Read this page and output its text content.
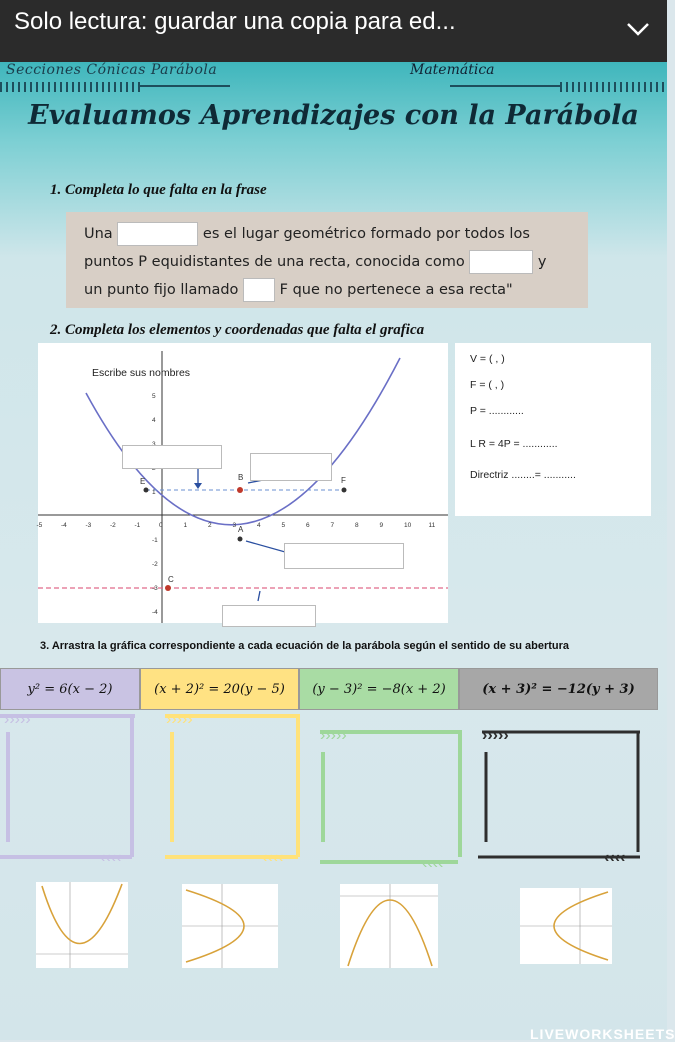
Solo lectura: guardar una copia para ed...
Secciones Cónicas Parábola	Matemática
Evaluamos Aprendizajes con la Parábola
1. Completa lo que falta en la frase
Una	es el lugar geométrico formado por todos los
puntos P equidistantes de una recta, conocida como	y
un punto fijo llamado	F que no pertenece a esa recta"
2. Completa los elementos y coordenadas que falta el grafica
E	B	F
A
C
-5	-4	-3	-2	-1	0	1	2	3	4	5	6	7	8	9	10	11
5
4
1
-1
-2
-3
-4
Escribe sus nombres
V = ( , )
F = ( , )
P = ............
L R = 4P = ............
Directriz ........= ...........
3. Arrastra la gráfica correspondiente a cada ecuación de la parábola según el sentido de su abertura
y² = 6(x − 2)	(x + 2)² = 20(y − 5)	(y − 3)² = −8(x + 2)	(x + 3)² = −12(y + 3)
›››››
‹‹‹‹
›››››
‹‹‹‹
›››››
‹‹‹‹
›››››
‹‹‹‹
LIVEWORKSHEETS
